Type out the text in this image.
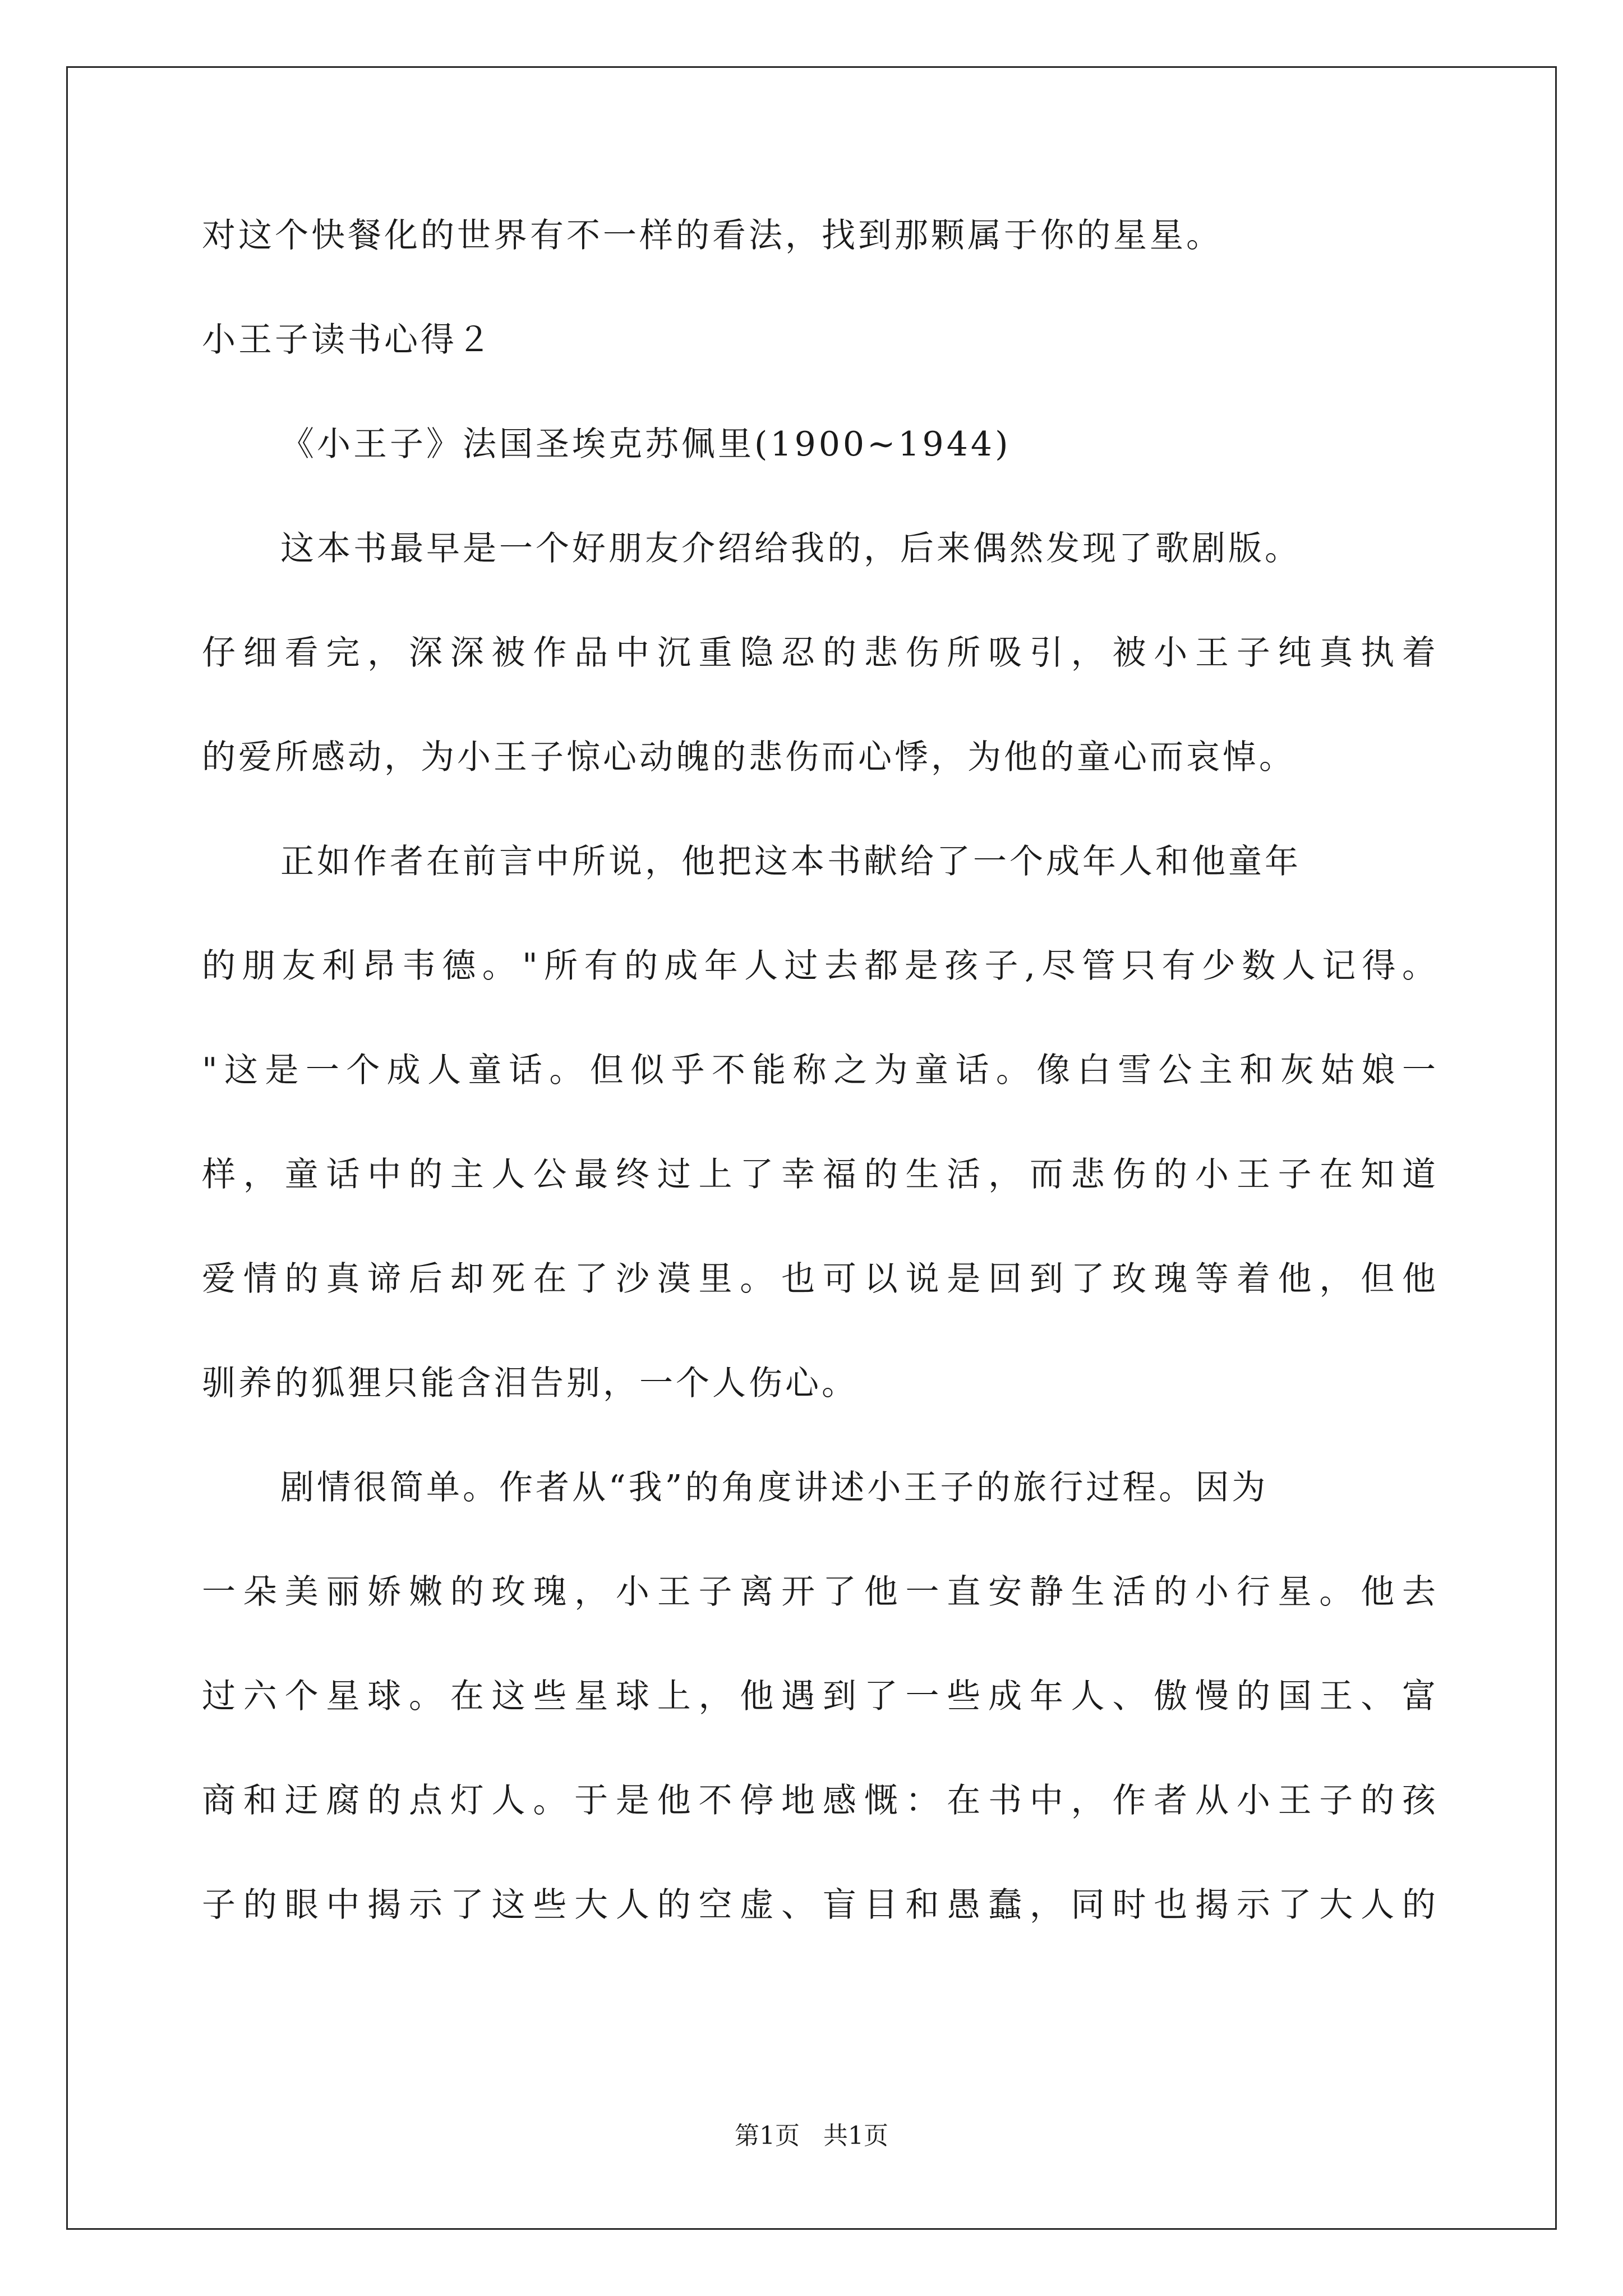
对这个快餐化的世界有不一样的看法，找到那颗属于你的星星。
小王子读书心得２
《小王子》法国圣埃克苏佩里(1900~1944)
这本书最早是一个好朋友介绍给我的，后来偶然发现了歌剧版。
仔细看完，深深被作品中沉重隐忍的悲伤所吸引，被小王子纯真执着
的爱所感动，为小王子惊心动魄的悲伤而心悸，为他的童心而哀悼。
正如作者在前言中所说，他把这本书献给了一个成年人和他童年
的朋友利昂韦德。"所有的成年人过去都是孩子,尽管只有少数人记得。
"这是一个成人童话。但似乎不能称之为童话。像白雪公主和灰姑娘一
样，童话中的主人公最终过上了幸福的生活，而悲伤的小王子在知道
爱情的真谛后却死在了沙漠里。也可以说是回到了玫瑰等着他，但他
驯养的狐狸只能含泪告别，一个人伤心。
剧情很简单。作者从“我”的角度讲述小王子的旅行过程。因为
一朵美丽娇嫩的玫瑰，小王子离开了他一直安静生活的小行星。他去
过六个星球。在这些星球上，他遇到了一些成年人、傲慢的国王、富
商和迂腐的点灯人。于是他不停地感慨：在书中，作者从小王子的孩
子的眼中揭示了这些大人的空虚、盲目和愚蠢，同时也揭示了大人的
第1页   共1页
